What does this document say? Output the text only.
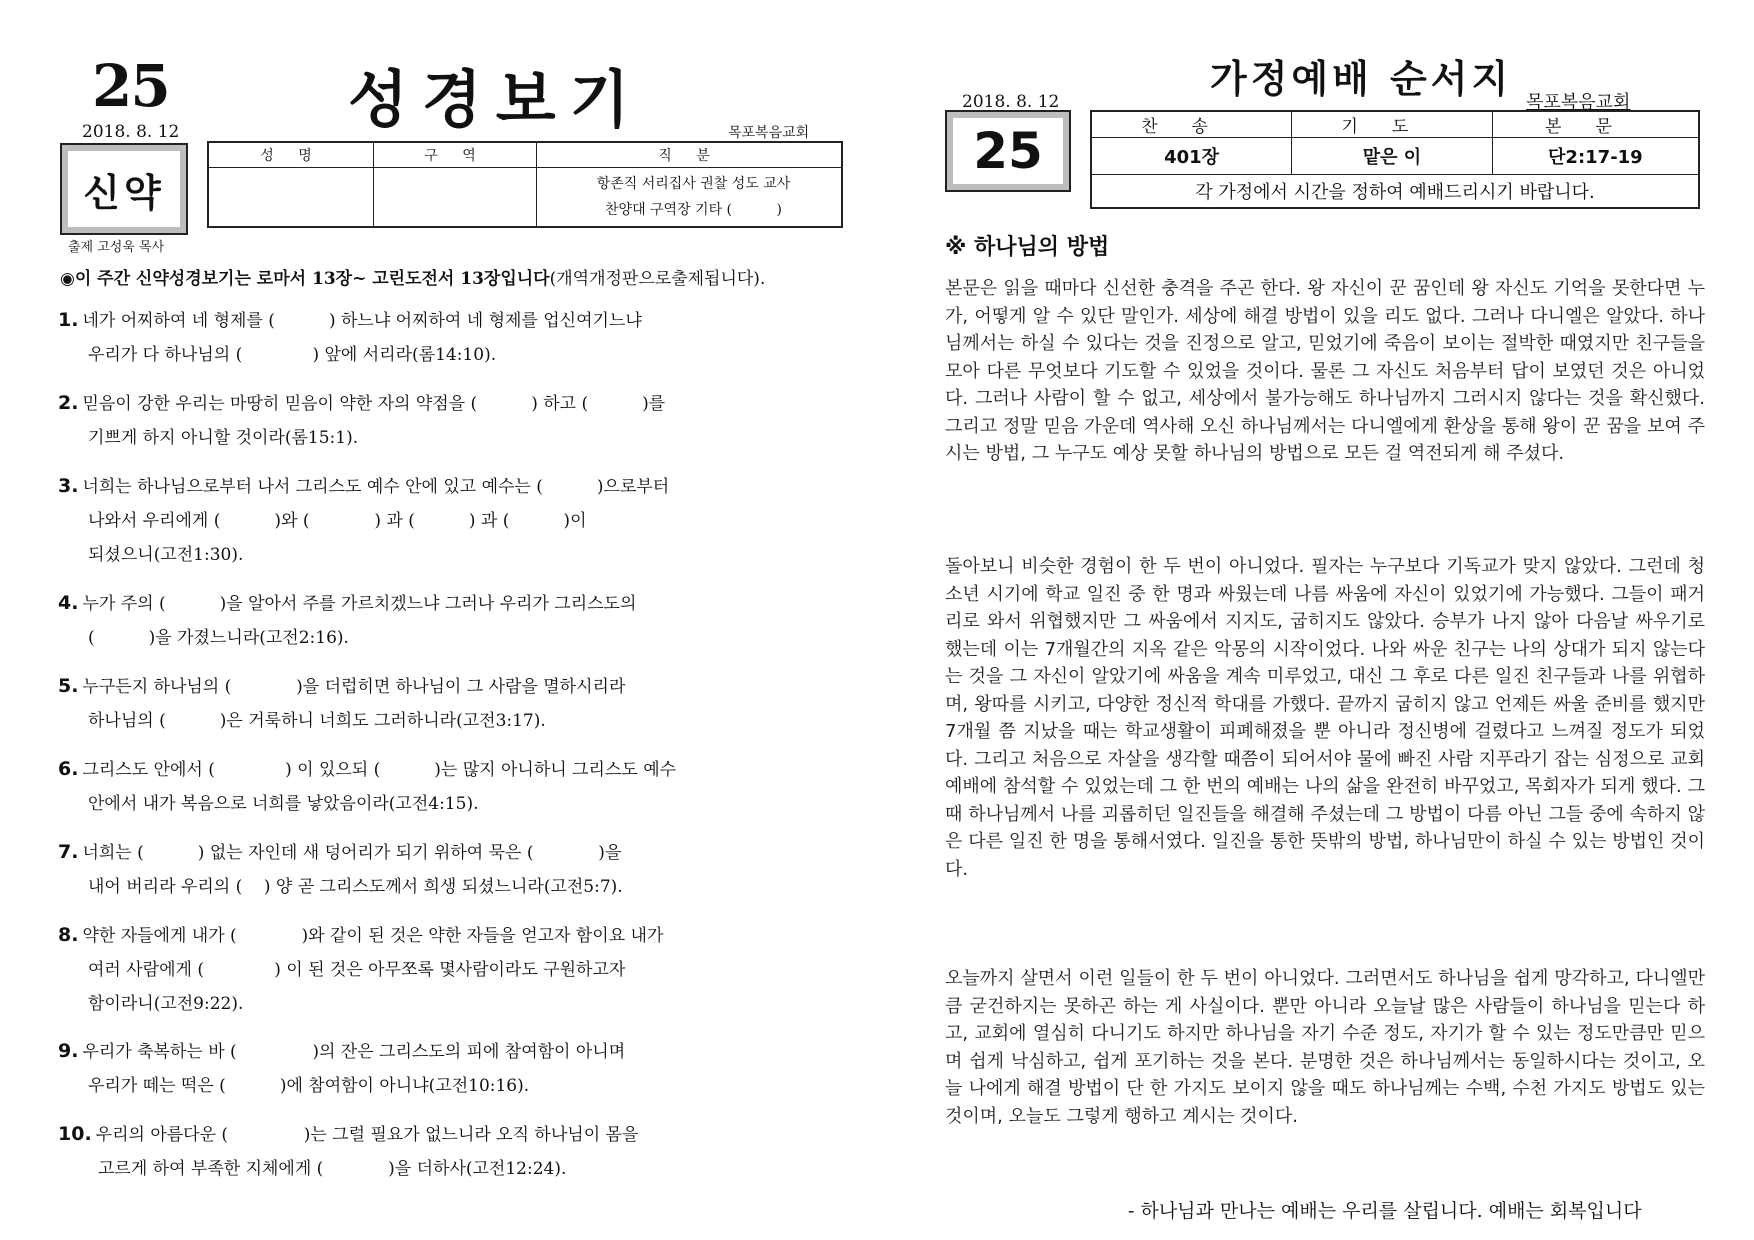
25	성경보기
2018. 8. 12	목포복음교회
신약
출제 고성욱 목사
성 명	구 역	직 분

		항존직 서리집사 권찰 성도 교사
찬양대 구역장 기타 (          )
◉이 주간 신약성경보기는 로마서 13장~ 고린도전서 13장입니다(개역개정판으로출제됩니다).
1. 네가 어찌하여 네 형제를 (          ) 하느냐 어찌하여 네 형제를 업신여기느냐
우리가 다 하나님의 (             ) 앞에 서리라(롬14:10).
2. 믿음이 강한 우리는 마땅히 믿음이 약한 자의 약점을 (          ) 하고 (          )를
기쁘게 하지 아니할 것이라(롬15:1).
3. 너희는 하나님으로부터 나서 그리스도 예수 안에 있고 예수는 (          )으로부터
나와서 우리에게 (          )와 (            ) 과 (          ) 과 (          )이
되셨으니(고전1:30).
4. 누가 주의 (          )을 알아서 주를 가르치겠느냐 그러나 우리가 그리스도의
(          )을 가졌느니라(고전2:16).
5. 누구든지 하나님의 (            )을 더럽히면 하나님이 그 사람을 멸하시리라
하나님의 (          )은 거룩하니 너희도 그러하니라(고전3:17).
6. 그리스도 안에서 (             ) 이 있으되 (          )는 많지 아니하니 그리스도 예수
안에서 내가 복음으로 너희를 낳았음이라(고전4:15).
7. 너희는 (          ) 없는 자인데 새 덩어리가 되기 위하여 묵은 (            )을
내어 버리라 우리의 (    ) 양 곧 그리스도께서 희생 되셨느니라(고전5:7).
8. 약한 자들에게 내가 (            )와 같이 된 것은 약한 자들을 얻고자 함이요 내가
여러 사람에게 (             ) 이 된 것은 아무쪼록 몇사람이라도 구원하고자
함이라니(고전9:22).
9. 우리가 축복하는 바 (              )의 잔은 그리스도의 피에 참여함이 아니며
우리가 떼는 떡은 (          )에 참여함이 아니냐(고전10:16).
10. 우리의 아름다운 (              )는 그럴 필요가 없느니라 오직 하나님이 몸을
고르게 하여 부족한 지체에게 (            )을 더하사(고전12:24).
가정예배 순서지
2018. 8. 12	목포복음교회
25	찬송	기도	본문
401장	맡은 이	단2:17-19
각 가정에서 시간을 정하여 예배드리시기 바랍니다.		
※ 하나님의 방법
본문은 읽을 때마다 신선한 충격을 주곤 한다. 왕 자신이 꾼 꿈인데 왕 자신도 기억을 못한다면 누가, 어떻게 알 수 있단 말인가. 세상에 해결 방법이 있을 리도 없다. 그러나 다니엘은 알았다. 하나님께서는 하실 수 있다는 것을 진정으로 알고, 믿었기에 죽음이 보이는 절박한 때였지만 친구들을 모아 다른 무엇보다 기도할 수 있었을 것이다. 물론 그 자신도 처음부터 답이 보였던 것은 아니었다. 그러나 사람이 할 수 없고, 세상에서 불가능해도 하나님까지 그러시지 않다는 것을 확신했다. 그리고 정말 믿음 가운데 역사해 오신 하나님께서는 다니엘에게 환상을 통해 왕이 꾼 꿈을 보여 주시는 방법, 그 누구도 예상 못할 하나님의 방법으로 모든 걸 역전되게 해 주셨다.
돌아보니 비슷한 경험이 한 두 번이 아니었다. 필자는 누구보다 기독교가 맞지 않았다. 그런데 청소년 시기에 학교 일진 중 한 명과 싸웠는데 나름 싸움에 자신이 있었기에 가능했다. 그들이 패거리로 와서 위협했지만 그 싸움에서 지지도, 굽히지도 않았다. 승부가 나지 않아 다음날 싸우기로 했는데 이는 7개월간의 지옥 같은 악몽의 시작이었다. 나와 싸운 친구는 나의 상대가 되지 않는다는 것을 그 자신이 알았기에 싸움을 계속 미루었고, 대신 그 후로 다른 일진 친구들과 나를 위협하며, 왕따를 시키고, 다양한 정신적 학대를 가했다. 끝까지 굽히지 않고 언제든 싸울 준비를 했지만 7개월 쯤 지났을 때는 학교생활이 피폐해졌을 뿐 아니라 정신병에 걸렸다고 느껴질 정도가 되었다. 그리고 처음으로 자살을 생각할 때쯤이 되어서야 물에 빠진 사람 지푸라기 잡는 심정으로 교회 예배에 참석할 수 있었는데 그 한 번의 예배는 나의 삶을 완전히 바꾸었고, 목회자가 되게 했다. 그때 하나님께서 나를 괴롭히던 일진들을 해결해 주셨는데 그 방법이 다름 아닌 그들 중에 속하지 않은 다른 일진 한 명을 통해서였다. 일진을 통한 뜻밖의 방법, 하나님만이 하실 수 있는 방법인 것이다.
오늘까지 살면서 이런 일들이 한 두 번이 아니었다. 그러면서도 하나님을 쉽게 망각하고, 다니엘만큼 굳건하지는 못하곤 하는 게 사실이다. 뿐만 아니라 오늘날 많은 사람들이 하나님을 믿는다 하고, 교회에 열심히 다니기도 하지만 하나님을 자기 수준 정도, 자기가 할 수 있는 정도만큼만 믿으며 쉽게 낙심하고, 쉽게 포기하는 것을 본다. 분명한 것은 하나님께서는 동일하시다는 것이고, 오늘 나에게 해결 방법이 단 한 가지도 보이지 않을 때도 하나님께는 수백, 수천 가지도 방법도 있는 것이며, 오늘도 그렇게 행하고 계시는 것이다.
- 하나님과 만나는 예배는 우리를 살립니다. 예배는 회복입니다
